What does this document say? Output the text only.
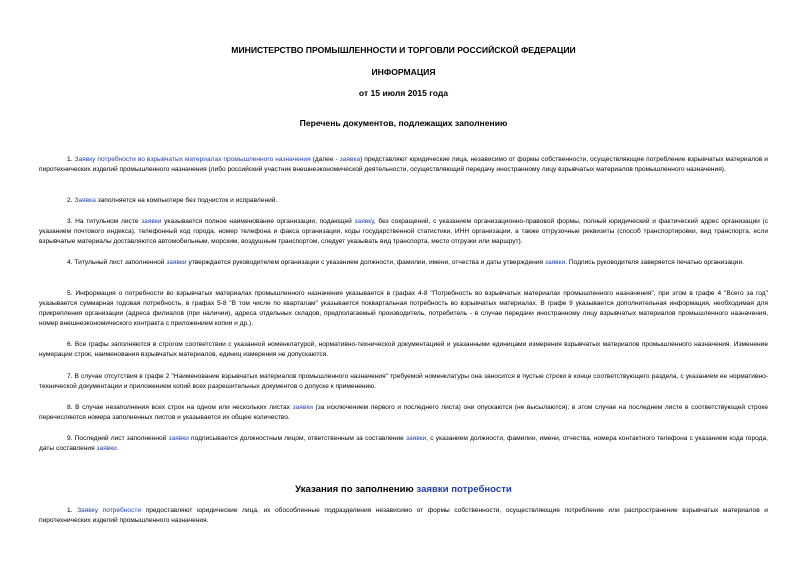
МИНИСТЕРСТВО ПРОМЫШЛЕННОСТИ И ТОРГОВЛИ РОССИЙСКОЙ ФЕДЕРАЦИИ
ИНФОРМАЦИЯ
от 15 июля 2015 года
Перечень документов, подлежащих заполнению

1. Заявку потребности во взрывчатых материалах промышленного назначения (далее - заявка) представляют юридические лица, независимо от формы собственности, осуществляющие потребление взрывчатых материалов и пиротехнических изделий промышленного назначения (либо российский участник внешнеэкономической деятельности, осуществляющий передачу иностранному лицу взрывчатых материалов промышленного назначения).

2. Заявка заполняется на компьютере без подчисток и исправлений.

3. На титульном листе заявки указывается полное наименование организации, подающей заявку, без сокращений, с указанием организационно-правовой формы, полный юридический и фактический адрес организации (с указанием почтового индекса), телефонный код города, номер телефона и факса организации, коды государственной статистики, ИНН организации, а также отгрузочные реквизиты (способ транспортировки, вид транспорта, если взрывчатые материалы доставляются автомобильным, морским, воздушным транспортом, следует указывать вид транспорта, место отгрузки или маршрут).

4. Титульный лист заполненной заявки утверждается руководителем организации с указанием должности, фамилии, имени, отчества и даты утверждения заявки. Подпись руководителя заверяется печатью организации.

5. Информация о потребности во взрывчатых материалах промышленного назначения указывается в графах 4-8 "Потребность во взрывчатых материалах промышленного назначения", при этом в графе 4 "Всего за год" указывается суммарная годовая потребность, в графах 5-8 "В том числе по кварталам" указывается поквартальная потребность во взрывчатых материалах. В графе 9 указывается дополнительная информация, необходимая для прикрепления организации (адреса филиалов (при наличии), адреса отдельных складов, предполагаемый производитель, потребитель - в случае передачи иностранному лицу взрывчатых материалов промышленного назначения, номер внешнеэкономического контракта с приложением копии и др.).

6. Все графы заполняются в строгом соответствии с указанной номенклатурой, нормативно-технической документацией и указанными единицами измерения взрывчатых материалов промышленного назначения. Изменение нумерации строк, наименования взрывчатых материалов, единиц измерения не допускаются.

7. В случае отсутствия в графе 2 "Наименование взрывчатых материалов промышленного назначения" требуемой номенклатуры она заносится в пустые строки в конце соответствующего раздела, с указанием ее нормативно-технической документации и приложением копий всех разрешительных документов о допуске к применению.

8. В случае незаполнения всех строк на одном или нескольких листах заявки (за исключением первого и последнего листа) они опускаются (не высылаются); в этом случае на последнем листе в соответствующей строке перечисляются номера заполненных листов и указывается их общее количество.

9. Последний лист заполненной заявки подписывается должностным лицом, ответственным за составление заявки, с указанием должности, фамилии, имени, отчества, номера контактного телефона с указанием кода города, даты составления заявки.

Указания по заполнению заявки потребности

1. Заявку потребности предоставляют юридические лица, их обособленные подразделения независимо от формы собственности, осуществляющие потребление или распространение взрывчатых материалов и пиротехнических изделий промышленного назначения.
